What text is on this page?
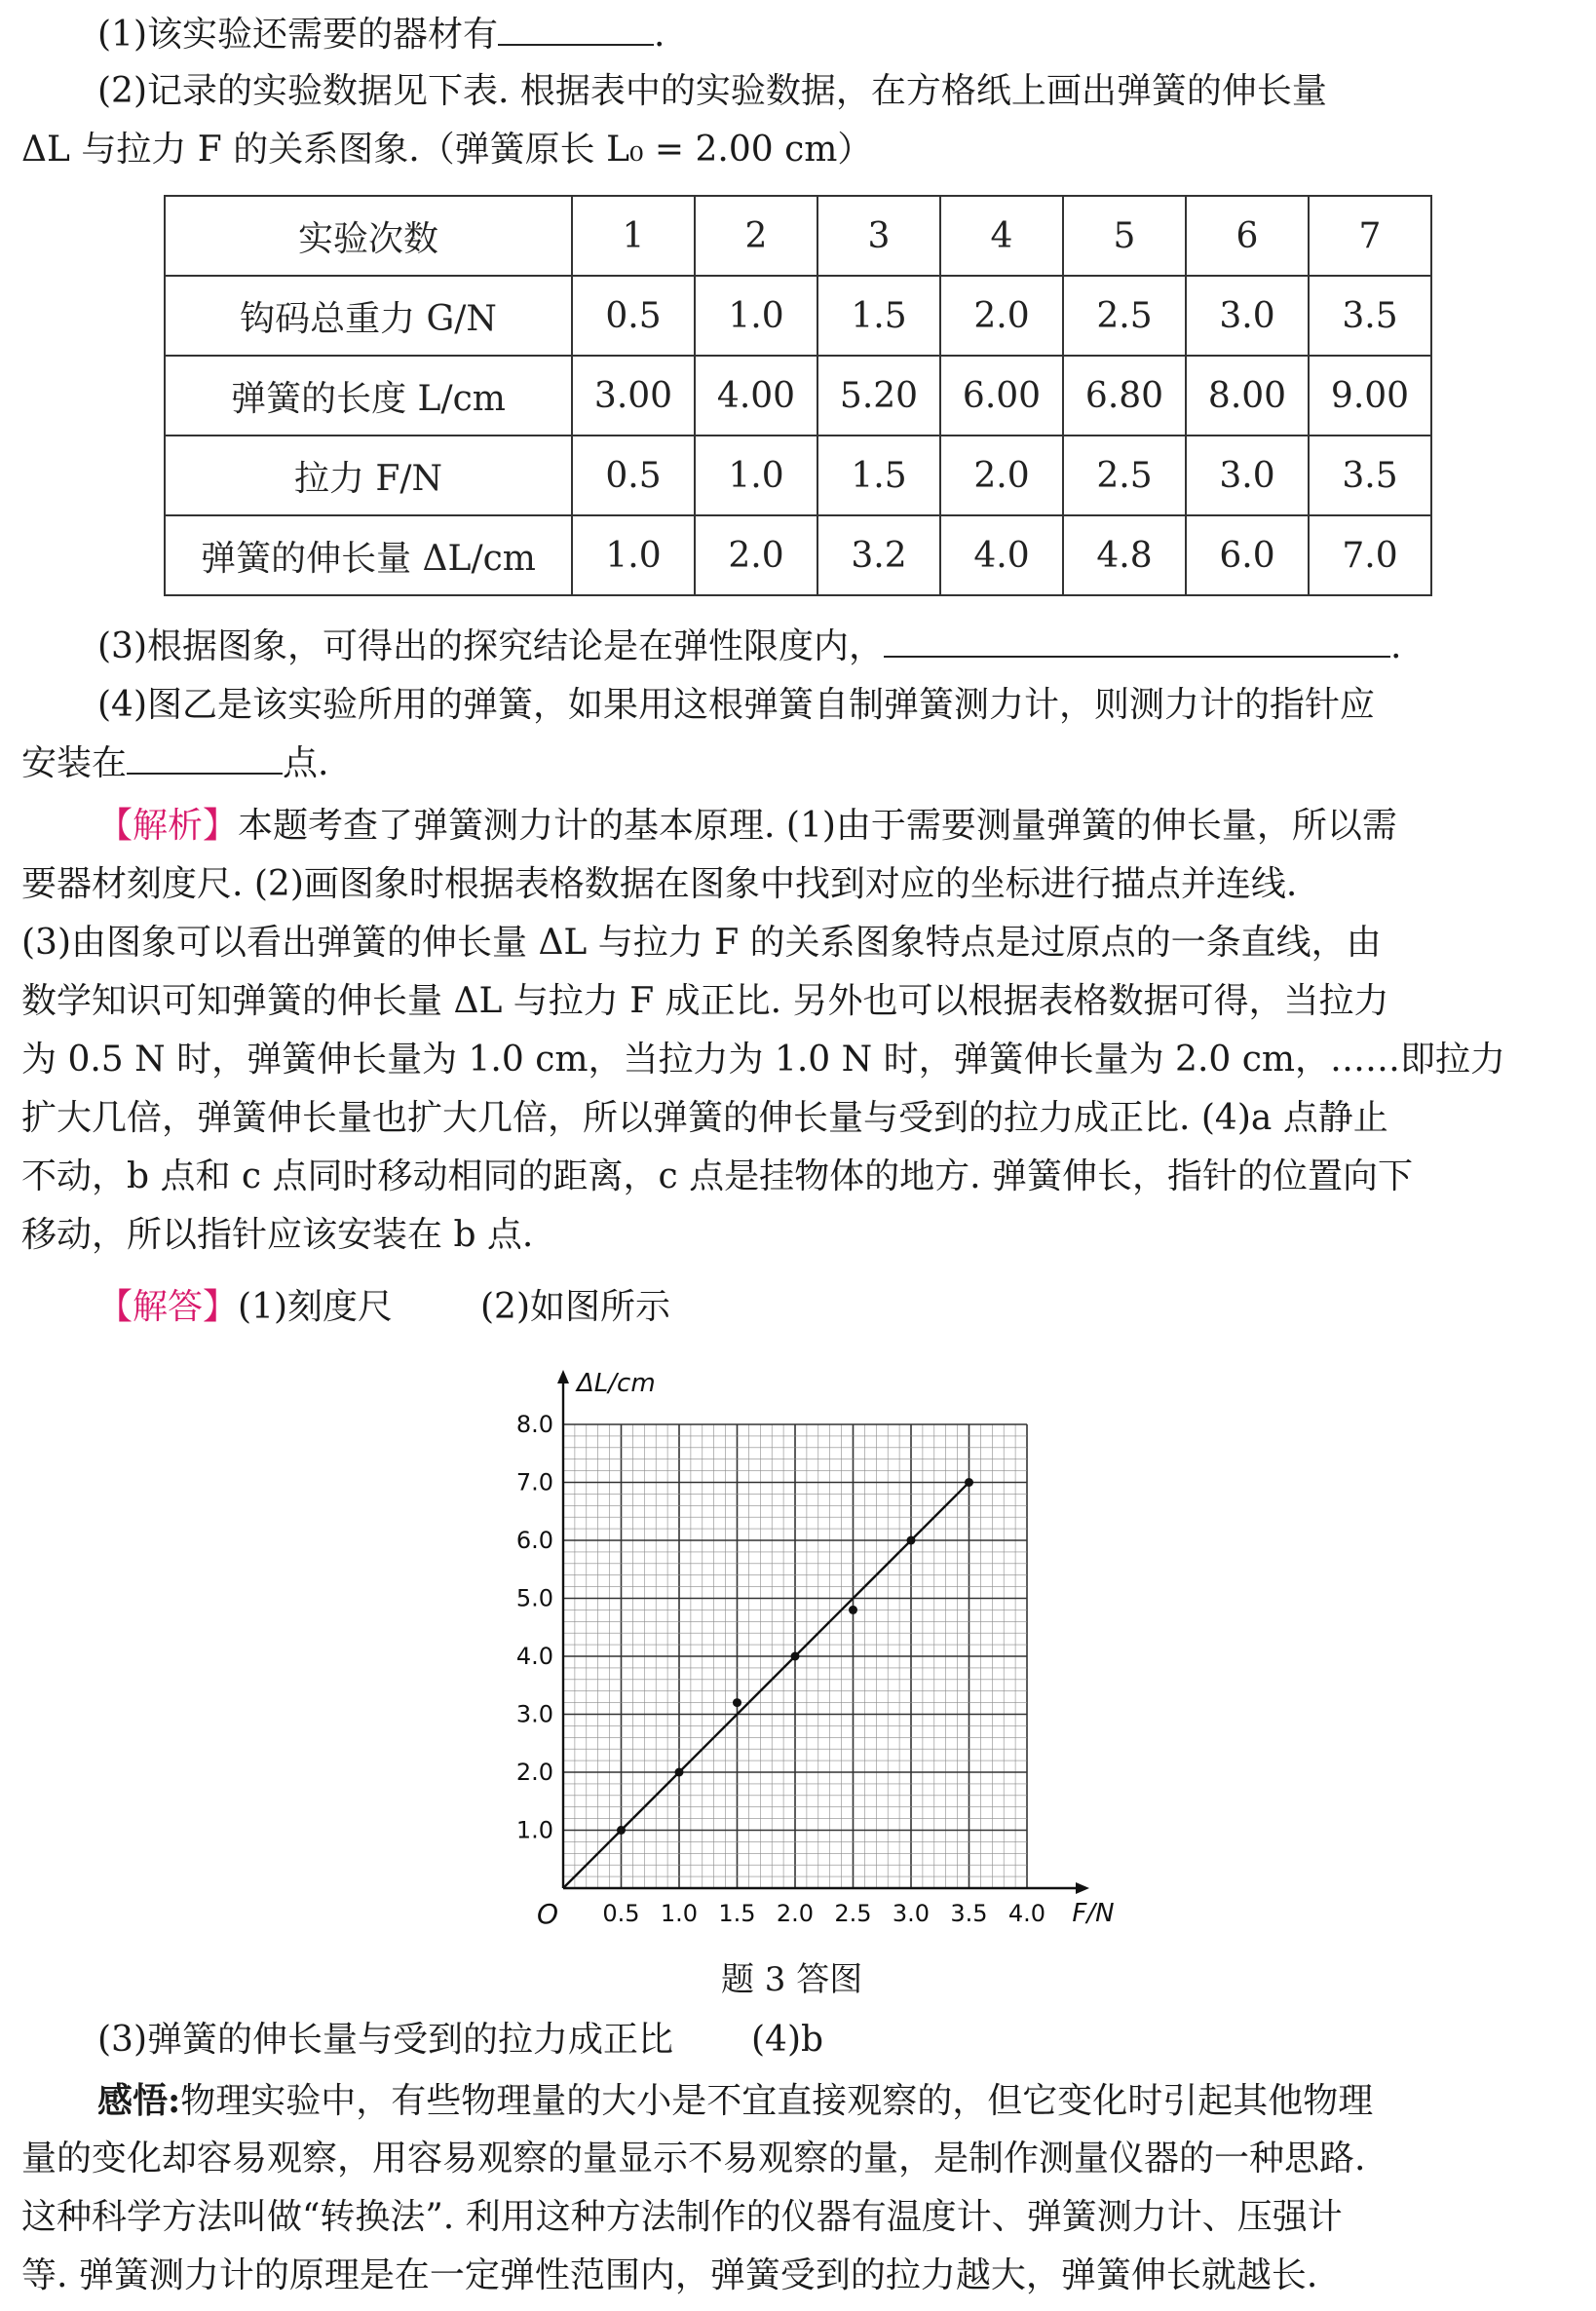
(1)该实验还需要的器材有	.
(2)记录的实验数据见下表. 根据表中的实验数据，在方格纸上画出弹簧的伸长量
ΔL 与拉力 F 的关系图象.（弹簧原长 L₀ = 2.00 cm）
实验次数	1	2	3	4	5	6	7
钩码总重力 G/N	0.5	1.0	1.5	2.0	2.5	3.0	3.5
弹簧的长度 L/cm	3.00	4.00	5.20	6.00	6.80	8.00	9.00
拉力 F/N	0.5	1.0	1.5	2.0	2.5	3.0	3.5
弹簧的伸长量 ΔL/cm	1.0	2.0	3.2	4.0	4.8	6.0	7.0
(3)根据图象，可得出的探究结论是在弹性限度内，	.
(4)图乙是该实验所用的弹簧，如果用这根弹簧自制弹簧测力计，则测力计的指针应
安装在	点.
【解析】本题考查了弹簧测力计的基本原理. (1)由于需要测量弹簧的伸长量，所以需
要器材刻度尺. (2)画图象时根据表格数据在图象中找到对应的坐标进行描点并连线.
(3)由图象可以看出弹簧的伸长量 ΔL 与拉力 F 的关系图象特点是过原点的一条直线，由
数学知识可知弹簧的伸长量 ΔL 与拉力 F 成正比. 另外也可以根据表格数据可得，当拉力
为 0.5 N 时，弹簧伸长量为 1.0 cm，当拉力为 1.0 N 时，弹簧伸长量为 2.0 cm，……即拉力
扩大几倍，弹簧伸长量也扩大几倍，所以弹簧的伸长量与受到的拉力成正比. (4)a 点静止
不动，b 点和 c 点同时移动相同的距离，c 点是挂物体的地方. 弹簧伸长，指针的位置向下
移动，所以指针应该安装在 b 点.
【解答】(1)刻度尺	(2)如图所示
0.5 1.0 1.5 2.0 2.5 3.0 3.5 4.0
1.0
2.0
3.0
4.0
5.0
6.0
7.0
8.0
O	F/N
ΔL/cm
题 3 答图
(3)弹簧的伸长量与受到的拉力成正比 (4)b
感悟:物理实验中，有些物理量的大小是不宜直接观察的，但它变化时引起其他物理
量的变化却容易观察，用容易观察的量显示不易观察的量，是制作测量仪器的一种思路.
这种科学方法叫做“转换法”. 利用这种方法制作的仪器有温度计、弹簧测力计、压强计
等. 弹簧测力计的原理是在一定弹性范围内，弹簧受到的拉力越大，弹簧伸长就越长.
